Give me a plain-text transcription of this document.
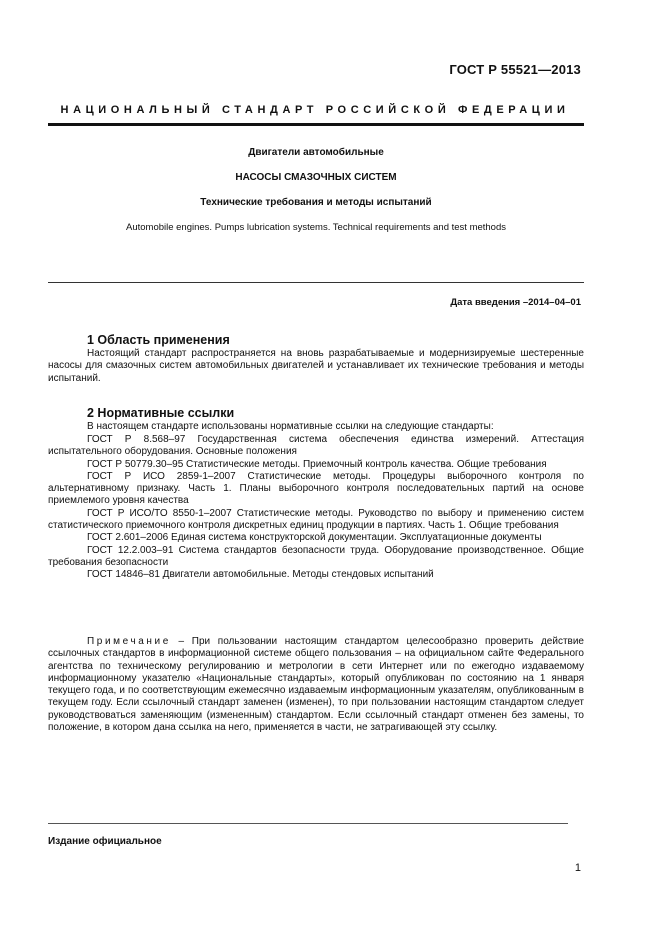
ГОСТ Р 55521—2013
НАЦИОНАЛЬНЫЙ СТАНДАРТ РОССИЙСКОЙ ФЕДЕРАЦИИ
Двигатели автомобильные
НАСОСЫ СМАЗОЧНЫХ СИСТЕМ
Технические требования и методы испытаний
Automobile engines. Pumps lubrication systems. Technical requirements and test methods
Дата введения –2014–04–01
1 Область применения
Настоящий стандарт распространяется на вновь разрабатываемые и модернизируемые шестеренные насосы для смазочных систем автомобильных двигателей и устанавливает их технические требования и методы испытаний.
2 Нормативные ссылки
В настоящем стандарте использованы нормативные ссылки на следующие стандарты:
ГОСТ Р 8.568–97 Государственная система обеспечения единства измерений. Аттестация испытательного оборудования. Основные положения
ГОСТ Р 50779.30–95 Статистические методы. Приемочный контроль качества. Общие требования
ГОСТ Р ИСО 2859-1–2007 Статистические методы. Процедуры выборочного контроля по альтернативному признаку. Часть 1. Планы выборочного контроля последовательных партий на основе приемлемого уровня качества
ГОСТ Р ИСО/ТО 8550-1–2007 Статистические методы. Руководство по выбору и применению систем статистического приемочного контроля дискретных единиц продукции в партиях. Часть 1. Общие требования
ГОСТ 2.601–2006 Единая система конструкторской документации. Эксплуатационные документы
ГОСТ 12.2.003–91 Система стандартов безопасности труда. Оборудование производственное. Общие требования безопасности
ГОСТ 14846–81 Двигатели автомобильные. Методы стендовых испытаний
Примечание – При пользовании настоящим стандартом целесообразно проверить действие ссылочных стандартов в информационной системе общего пользования – на официальном сайте Федерального агентства по техническому регулированию и метрологии в сети Интернет или по ежегодно издаваемому информационному указателю «Национальные стандарты», который опубликован по состоянию на 1 января текущего года, и по соответствующим ежемесячно издаваемым информационным указателям, опубликованным в текущем году. Если ссылочный стандарт заменен (изменен), то при пользовании настоящим стандартом следует руководствоваться заменяющим (измененным) стандартом. Если ссылочный стандарт отменен без замены, то положение, в котором дана ссылка на него, применяется в части, не затрагивающей эту ссылку.
Издание официальное
1
